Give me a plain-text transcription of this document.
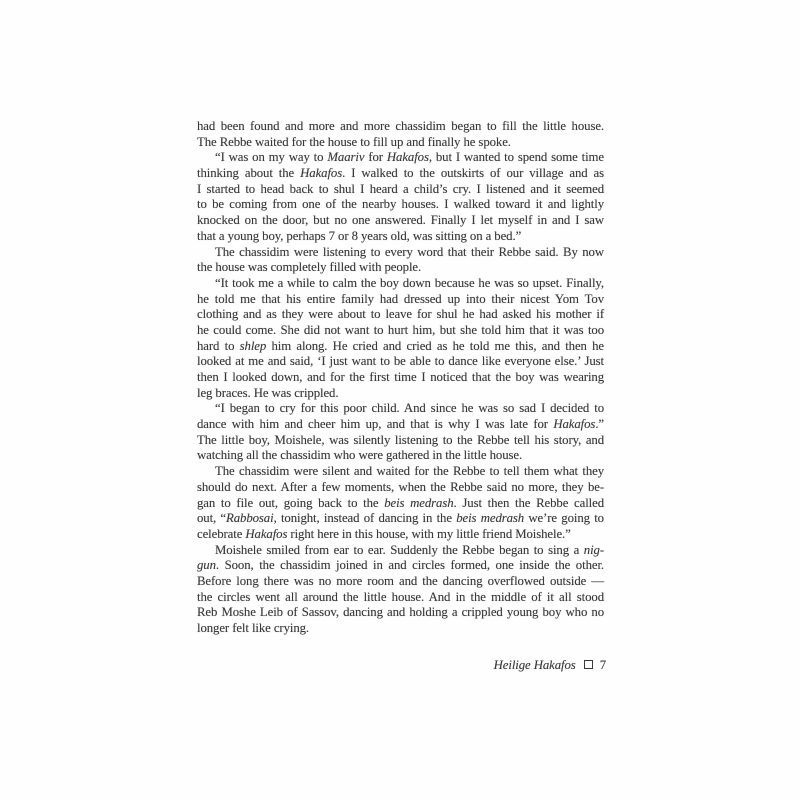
had been found and more and more chassidim began to fill the little house.
The Rebbe waited for the house to fill up and finally he spoke.
“I was on my way to Maariv for Hakafos, but I wanted to spend some time
thinking about the Hakafos. I walked to the outskirts of our village and as
I started to head back to shul I heard a child’s cry. I listened and it seemed
to be coming from one of the nearby houses. I walked toward it and lightly
knocked on the door, but no one answered. Finally I let myself in and I saw
that a young boy, perhaps 7 or 8 years old, was sitting on a bed.”
The chassidim were listening to every word that their Rebbe said. By now
the house was completely filled with people.
“It took me a while to calm the boy down because he was so upset. Finally,
he told me that his entire family had dressed up into their nicest Yom Tov
clothing and as they were about to leave for shul he had asked his mother if
he could come. She did not want to hurt him, but she told him that it was too
hard to shlep him along. He cried and cried as he told me this, and then he
looked at me and said, ‘I just want to be able to dance like everyone else.’ Just
then I looked down, and for the first time I noticed that the boy was wearing
leg braces. He was crippled.
“I began to cry for this poor child. And since he was so sad I decided to
dance with him and cheer him up, and that is why I was late for Hakafos.”
The little boy, Moishele, was silently listening to the Rebbe tell his story, and
watching all the chassidim who were gathered in the little house.
The chassidim were silent and waited for the Rebbe to tell them what they
should do next. After a few moments, when the Rebbe said no more, they be-
gan to file out, going back to the beis medrash. Just then the Rebbe called
out, “Rabbosai, tonight, instead of dancing in the beis medrash we’re going to
celebrate Hakafos right here in this house, with my little friend Moishele.”
Moishele smiled from ear to ear. Suddenly the Rebbe began to sing a nig-
gun. Soon, the chassidim joined in and circles formed, one inside the other.
Before long there was no more room and the dancing overflowed outside —
the circles went all around the little house. And in the middle of it all stood
Reb Moshe Leib of Sassov, dancing and holding a crippled young boy who no
longer felt like crying.
Heilige Hakafos 7
